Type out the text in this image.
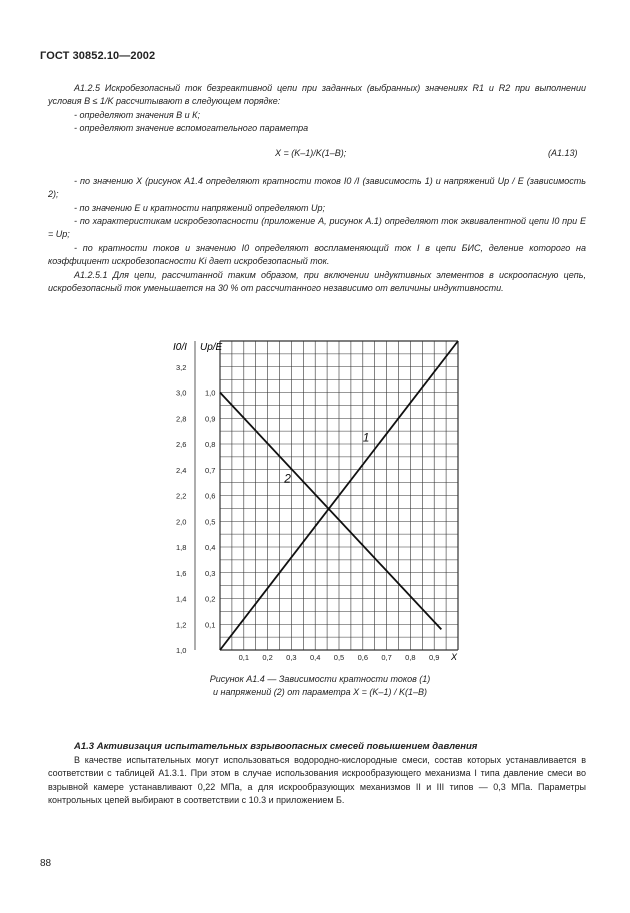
ГОСТ 30852.10—2002

А1.2.5 Искробезопасный ток безреактивной цепи при заданных (выбранных) значениях R1 и R2 при выполнении условия B ≤ 1/K рассчитывают в следующем порядке:

- определяют значения В и К;

- определяют значение вспомогательного параметра

X = (K–1)/K(1–B);	(А1.13)

- по значению X (рисунок А1.4 определяют кратности токов I0 /I (зависимость 1) и напряжений Up / E (зависимость 2);

- по значению E и кратности напряжений определяют Up;

- по характеристикам искробезопасности (приложение А, рисунок А.1) определяют ток эквивалентной цепи I0 при E = Up;

- по кратности токов и значению I0 определяют воспламеняющий ток I в цепи БИС, деление которого на коэффициент искробезопасности Ki дает искробезопасный ток.

А1.2.5.1 Для цепи, рассчитанной таким образом, при включении индуктивных элементов в искроопасную цепь, искробезопасный ток уменьшается на 30 % от рассчитанного независимо от величины индуктивности.

0,1 0,2 0,3 0,4 0,5 0,6 0,7 0,8 0,9
1,0
1,2
1,4
1,6
1,8
2,0
2,2
2,4
2,6
2,8
3,0
3,2
0,1
0,2
0,3
0,4
0,5
0,6
0,7
0,8
0,9
1,0
1
2
I0/I Up/E
X
Рисунок А1.4 — Зависимости кратности токов (1)
и напряжений (2) от параметра X = (K–1) / K(1–B)
А1.3 Активизация испытательных взрывоопасных смесей повышением давления

В качестве испытательных могут использоваться водородно-кислородные смеси, состав которых устанавливается в соответствии с таблицей А1.3.1. При этом в случае использования искрообразующего механизма I типа давление смеси во взрывной камере устанавливают 0,22 МПа, а для искрообразующих механизмов II и III типов — 0,3 МПа. Параметры контрольных цепей выбирают в соответствии с 10.3 и приложением Б.

88
